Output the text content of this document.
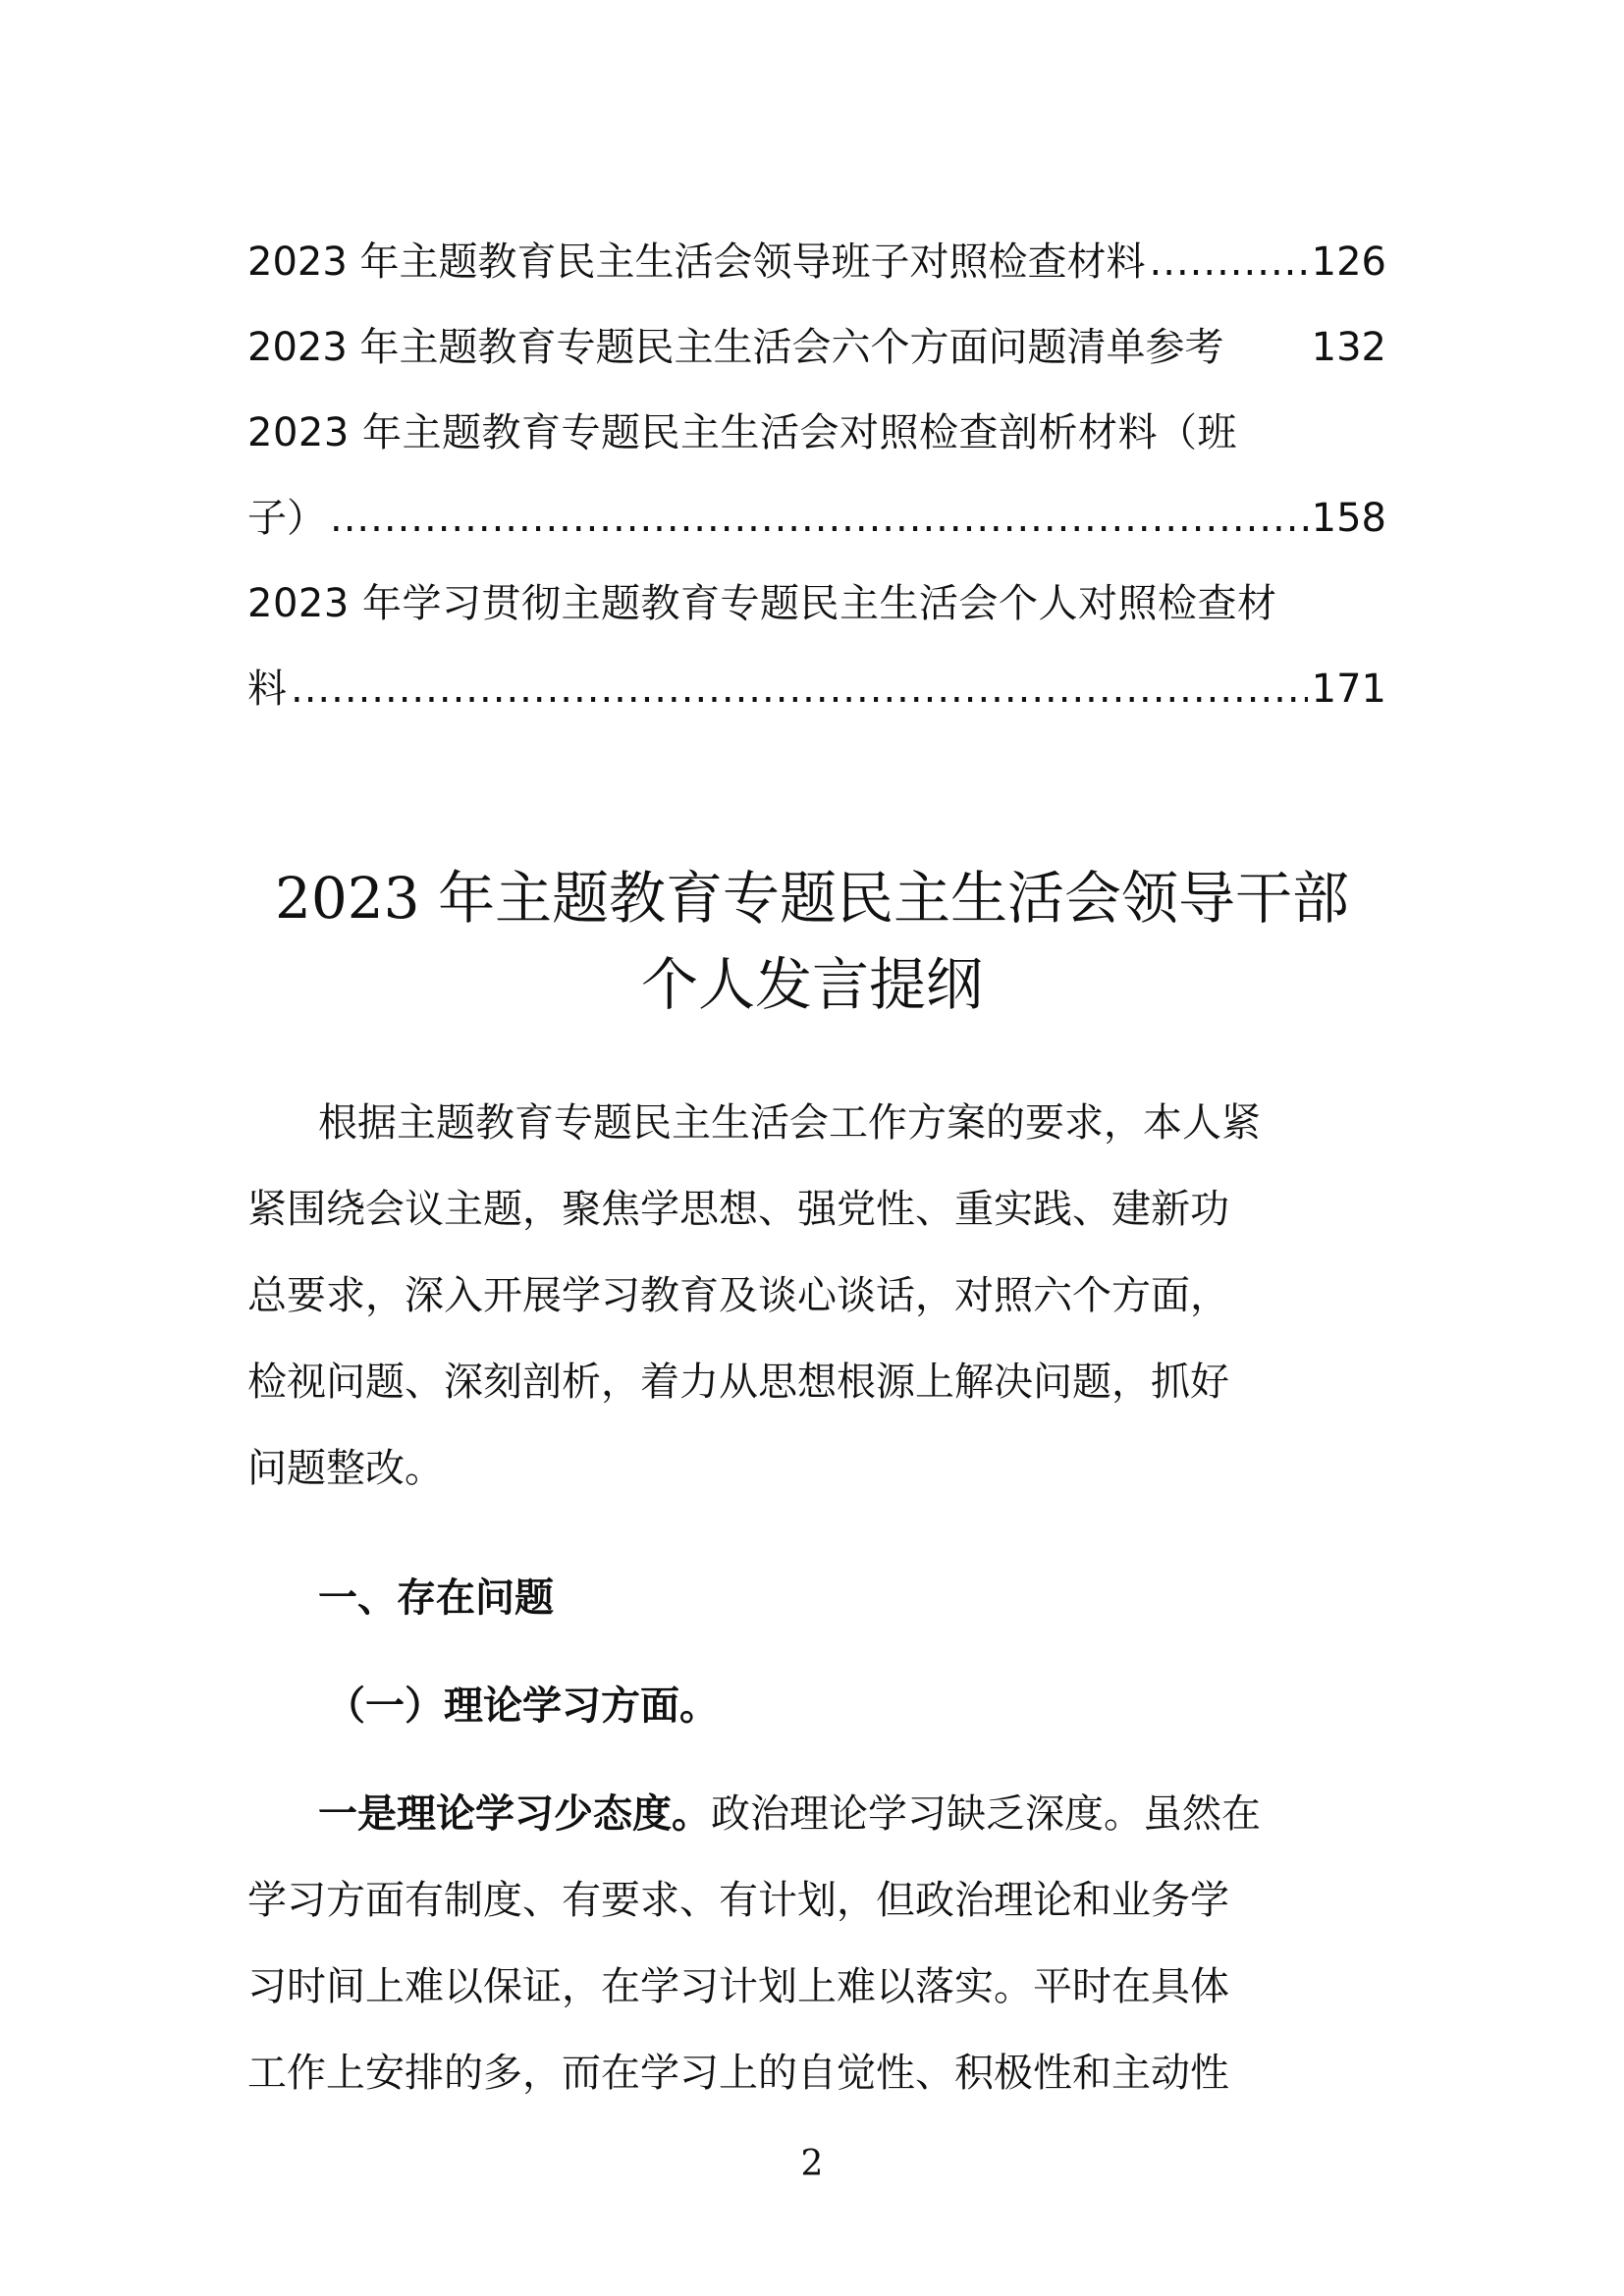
2023 年主题教育民主生活会领导班子对照检查材料 .....	126
2023 年主题教育专题民主生活会六个方面问题清单参考	132
2023 年主题教育专题民主生活会对照检查剖析材料（班
子） .....	158
2023 年学习贯彻主题教育专题民主生活会个人对照检查材
料 .....	171
2023 年主题教育专题民主生活会领导干部
个人发言提纲
根据主题教育专题民主生活会工作方案的要求，本人紧
紧围绕会议主题，聚焦学思想、强党性、重实践、建新功
总要求，深入开展学习教育及谈心谈话，对照六个方面，
检视问题、深刻剖析，着力从思想根源上解决问题，抓好
问题整改。
一、存在问题
（一）理论学习方面。
一是理论学习少态度。政治理论学习缺乏深度。虽然在
学习方面有制度、有要求、有计划，但政治理论和业务学
习时间上难以保证，在学习计划上难以落实。平时在具体
工作上安排的多，而在学习上的自觉性、积极性和主动性
2
